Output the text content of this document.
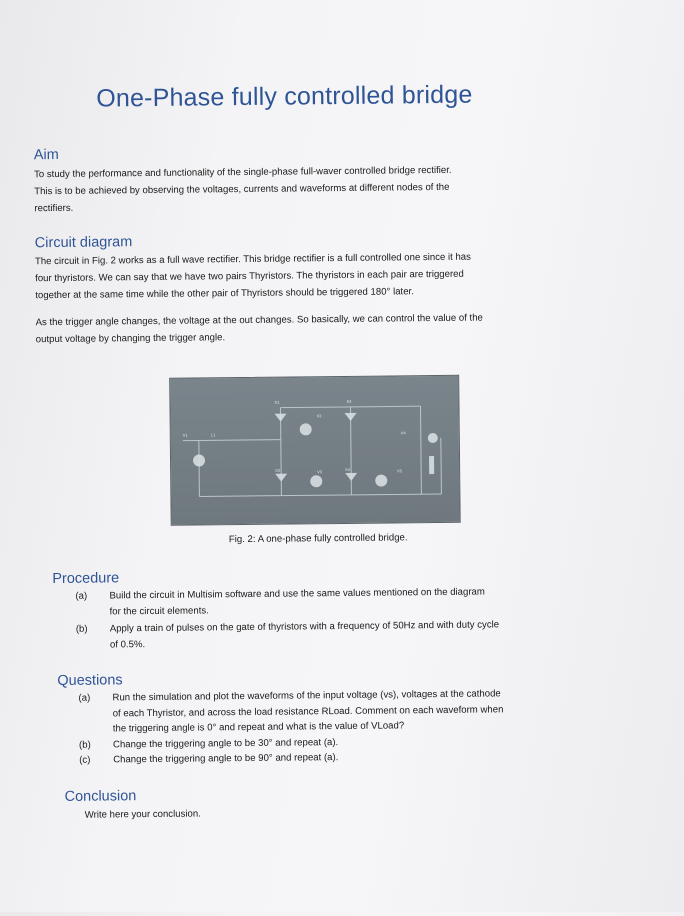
One-Phase fully controlled bridge
Aim
To study the performance and functionality of the single-phase full-waver controlled bridge rectifier.
This is to be achieved by observing the voltages, currents and waveforms at different nodes of the
rectifiers.
Circuit diagram
The circuit in Fig. 2 works as a full wave rectifier. This bridge rectifier is a full controlled one since it has
four thyristors. We can say that we have two pairs Thyristors. The thyristors in each pair are triggered
together at the same time while the other pair of Thyristors should be triggered 180° later.
As the trigger angle changes, the voltage at the out changes. So basically, we can control the value of the
output voltage by changing the trigger angle.
S1	S3
S2	S4
V1	L1
V2
V3
V4
V5
Fig. 2: A one-phase fully controlled bridge.
Procedure
(a)	Build the circuit in Multisim software and use the same values mentioned on the diagram
for the circuit elements.
(b)	Apply a train of pulses on the gate of thyristors with a frequency of 50Hz and with duty cycle
of 0.5%.
Questions
(a)	Run the simulation and plot the waveforms of the input voltage (vs), voltages at the cathode
of each Thyristor, and across the load resistance RLoad. Comment on each waveform when
the triggering angle is 0° and repeat and what is the value of VLoad?
(b)	Change the triggering angle to be 30° and repeat (a).
(c)	Change the triggering angle to be 90° and repeat (a).
Conclusion
Write here your conclusion.
